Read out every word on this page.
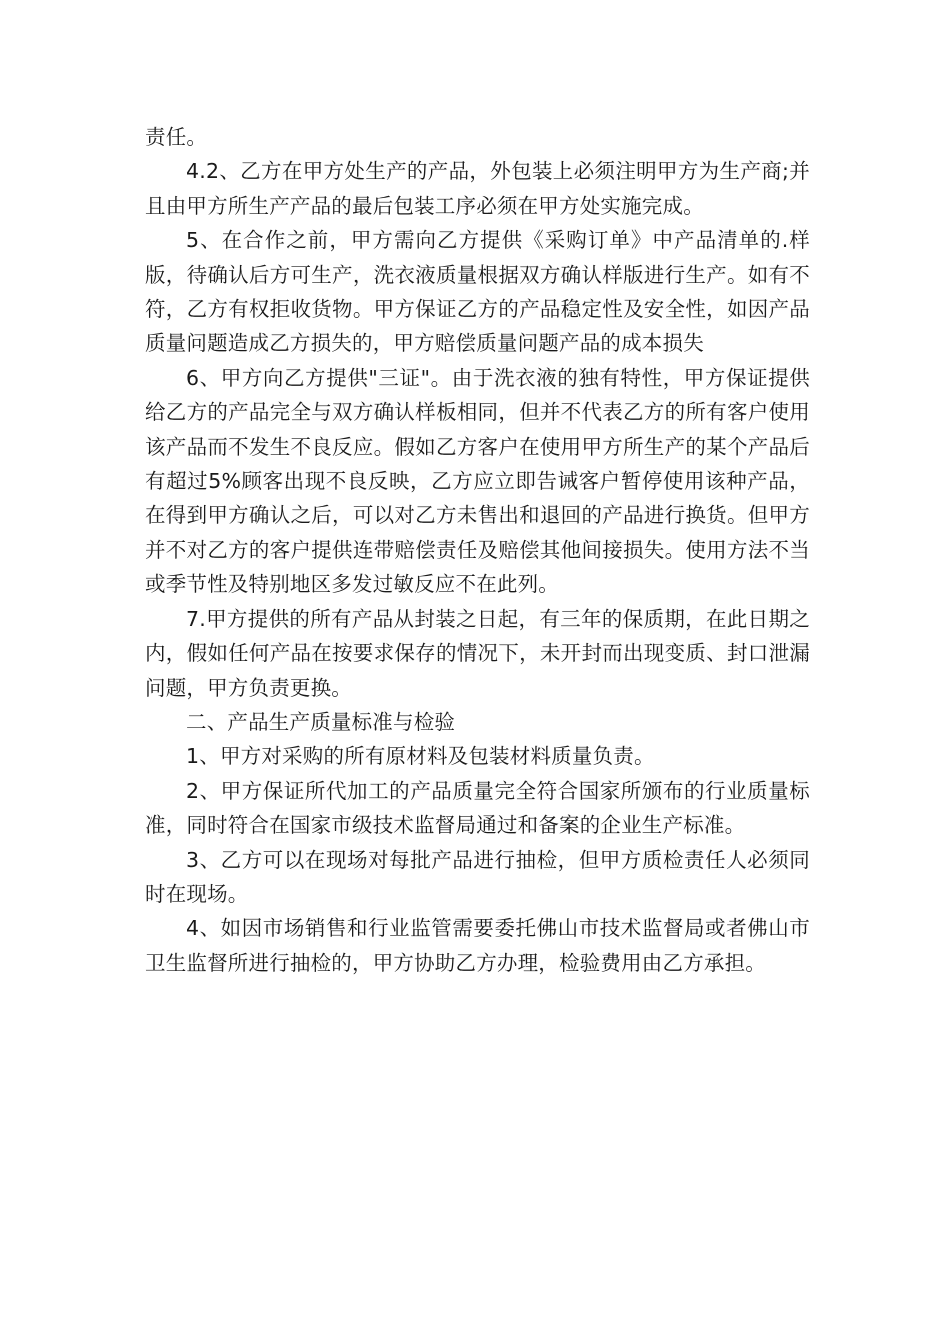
责任。

4.2、乙方在甲方处生产的产品，外包装上必须注明甲方为生产商;并且由甲方所生产产品的最后包装工序必须在甲方处实施完成。

5、在合作之前，甲方需向乙方提供《采购订单》中产品清单的.样版，待确认后方可生产，洗衣液质量根据双方确认样版进行生产。如有不符，乙方有权拒收货物。甲方保证乙方的产品稳定性及安全性，如因产品质量问题造成乙方损失的，甲方赔偿质量问题产品的成本损失

6、甲方向乙方提供"三证"。由于洗衣液的独有特性，甲方保证提供给乙方的产品完全与双方确认样板相同，但并不代表乙方的所有客户使用该产品而不发生不良反应。假如乙方客户在使用甲方所生产的某个产品后有超过5%顾客出现不良反映，乙方应立即告诫客户暂停使用该种产品，在得到甲方确认之后，可以对乙方未售出和退回的产品进行换货。但甲方并不对乙方的客户提供连带赔偿责任及赔偿其他间接损失。使用方法不当或季节性及特别地区多发过敏反应不在此列。

7.甲方提供的所有产品从封装之日起，有三年的保质期，在此日期之内，假如任何产品在按要求保存的情况下，未开封而出现变质、封口泄漏问题，甲方负责更换。

二、产品生产质量标准与检验

1、甲方对采购的所有原材料及包装材料质量负责。

2、甲方保证所代加工的产品质量完全符合国家所颁布的行业质量标准，同时符合在国家市级技术监督局通过和备案的企业生产标准。

3、乙方可以在现场对每批产品进行抽检，但甲方质检责任人必须同时在现场。

4、如因市场销售和行业监管需要委托佛山市技术监督局或者佛山市卫生监督所进行抽检的，甲方协助乙方办理，检验费用由乙方承担。
